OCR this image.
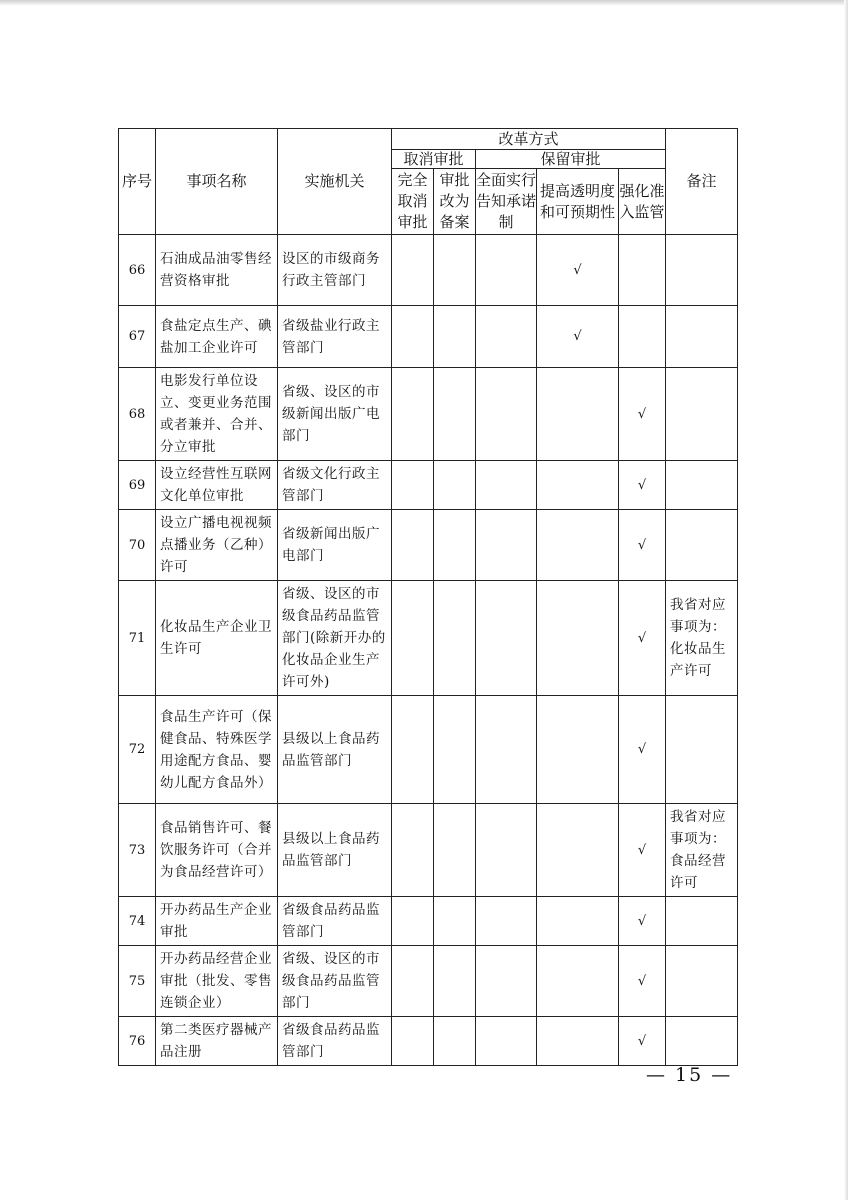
序号	事项名称	实施机关	改革方式					备注
			取消审批		保留审批			
			完全取消审批	审批改为备案	全面实行告知承诺制	提高透明度和可预期性	强化准入监管	
66	石油成品油零售经营资格审批	设区的市级商务行政主管部门				√		
67	食盐定点生产、碘盐加工企业许可	省级盐业行政主管部门				√		
68	电影发行单位设立、变更业务范围或者兼并、合并、分立审批	省级、设区的市级新闻出版广电部门					√	
69	设立经营性互联网文化单位审批	省级文化行政主管部门					√	
70	设立广播电视视频点播业务（乙种）许可	省级新闻出版广电部门					√	
71	化妆品生产企业卫生许可	省级、设区的市级食品药品监管部门(除新开办的化妆品企业生产许可外)					√	我省对应事项为：化妆品生产许可
72	食品生产许可（保健食品、特殊医学用途配方食品、婴幼儿配方食品外）	县级以上食品药品监管部门					√	
73	食品销售许可、餐饮服务许可（合并为食品经营许可）	县级以上食品药品监管部门					√	我省对应事项为：食品经营许可
74	开办药品生产企业审批	省级食品药品监管部门					√	
75	开办药品经营企业审批（批发、零售连锁企业）	省级、设区的市级食品药品监管部门					√	
76	第二类医疗器械产品注册	省级食品药品监管部门					√	
— 15 —
